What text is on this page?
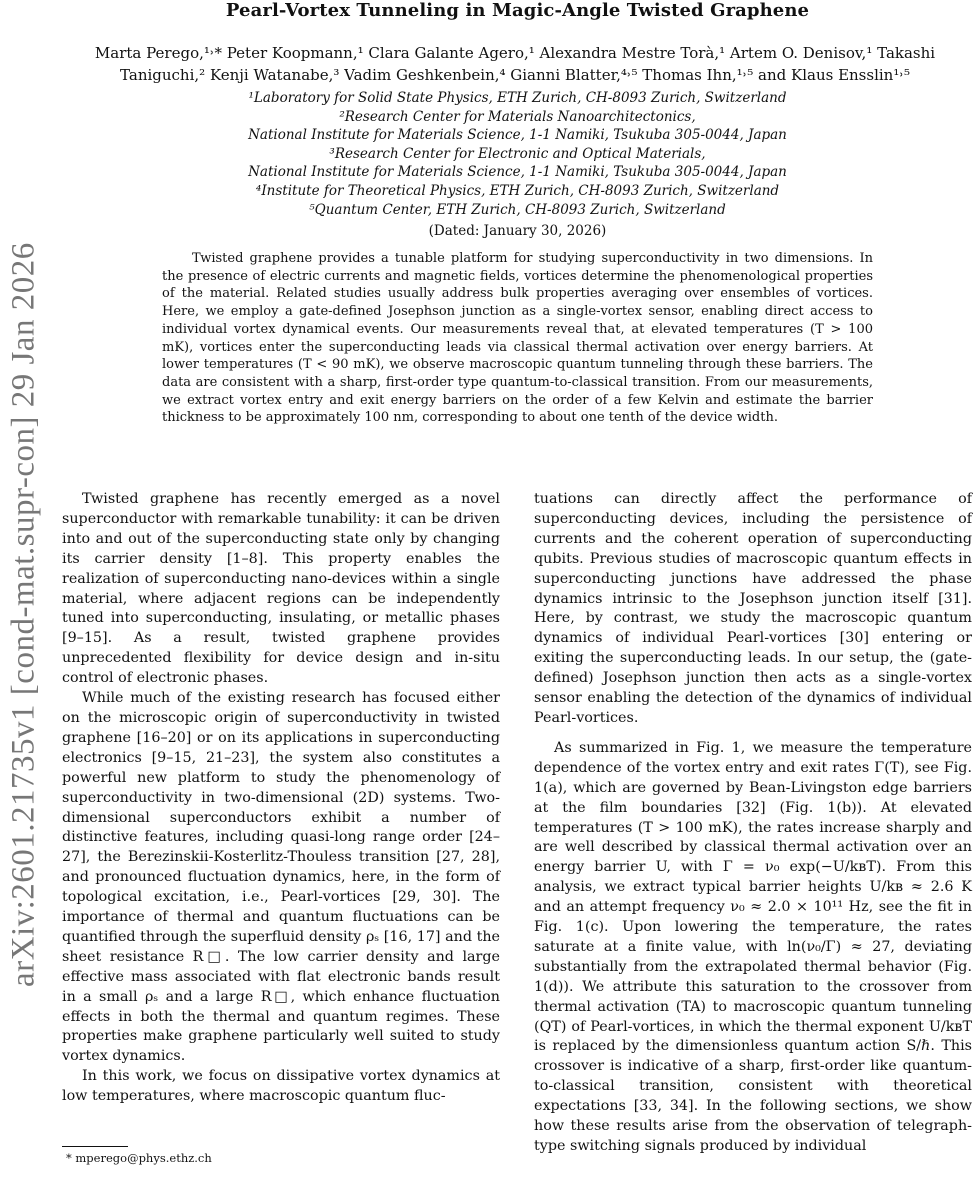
arXiv:2601.21735v1 [cond-mat.supr-con] 29 Jan 2026
Pearl-Vortex Tunneling in Magic-Angle Twisted Graphene
Marta Perego,¹˒* Peter Koopmann,¹ Clara Galante Agero,¹ Alexandra Mestre Torà,¹ Artem O. Denisov,¹ Takashi
Taniguchi,² Kenji Watanabe,³ Vadim Geshkenbein,⁴ Gianni Blatter,⁴˒⁵ Thomas Ihn,¹˒⁵ and Klaus Ensslin¹˒⁵
¹Laboratory for Solid State Physics, ETH Zurich, CH-8093 Zurich, Switzerland
²Research Center for Materials Nanoarchitectonics,
National Institute for Materials Science, 1-1 Namiki, Tsukuba 305-0044, Japan
³Research Center for Electronic and Optical Materials,
National Institute for Materials Science, 1-1 Namiki, Tsukuba 305-0044, Japan
⁴Institute for Theoretical Physics, ETH Zurich, CH-8093 Zurich, Switzerland
⁵Quantum Center, ETH Zurich, CH-8093 Zurich, Switzerland
(Dated: January 30, 2026)

Twisted graphene provides a tunable platform for studying superconductivity in two dimensions. In the presence of electric currents and magnetic fields, vortices determine the phenomenological properties of the material. Related studies usually address bulk properties averaging over ensembles of vortices. Here, we employ a gate-defined Josephson junction as a single-vortex sensor, enabling direct access to individual vortex dynamical events. Our measurements reveal that, at elevated temperatures (T > 100 mK), vortices enter the superconducting leads via classical thermal activation over energy barriers. At lower temperatures (T < 90 mK), we observe macroscopic quantum tunneling through these barriers. The data are consistent with a sharp, first-order type quantum-to-classical transition. From our measurements, we extract vortex entry and exit energy barriers on the order of a few Kelvin and estimate the barrier thickness to be approximately 100 nm, corresponding to about one tenth of the device width.

Twisted graphene has recently emerged as a novel superconductor with remarkable tunability: it can be driven into and out of the superconducting state only by changing its carrier density [1–8]. This property enables the realization of superconducting nano-devices within a single material, where adjacent regions can be independently tuned into superconducting, insulating, or metallic phases [9–15]. As a result, twisted graphene provides unprecedented flexibility for device design and in-situ control of electronic phases.

While much of the existing research has focused either on the microscopic origin of superconductivity in twisted graphene [16–20] or on its applications in superconducting electronics [9–15, 21–23], the system also constitutes a powerful new platform to study the phenomenology of superconductivity in two-dimensional (2D) systems. Two-dimensional superconductors exhibit a number of distinctive features, including quasi-long range order [24–27], the Berezinskii-Kosterlitz-Thouless transition [27, 28], and pronounced fluctuation dynamics, here, in the form of topological excitation, i.e., Pearl-vortices [29, 30]. The importance of thermal and quantum fluctuations can be quantified through the superfluid density ρₛ [16, 17] and the sheet resistance R□. The low carrier density and large effective mass associated with flat electronic bands result in a small ρₛ and a large R□, which enhance fluctuation effects in both the thermal and quantum regimes. These properties make graphene particularly well suited to study vortex dynamics.

In this work, we focus on dissipative vortex dynamics at low temperatures, where macroscopic quantum fluc-

tuations can directly affect the performance of superconducting devices, including the persistence of currents and the coherent operation of superconducting qubits. Previous studies of macroscopic quantum effects in superconducting junctions have addressed the phase dynamics intrinsic to the Josephson junction itself [31]. Here, by contrast, we study the macroscopic quantum dynamics of individual Pearl-vortices [30] entering or exiting the superconducting leads. In our setup, the (gate-defined) Josephson junction then acts as a single-vortex sensor enabling the detection of the dynamics of individual Pearl-vortices.

As summarized in Fig. 1, we measure the temperature dependence of the vortex entry and exit rates Γ(T), see Fig. 1(a), which are governed by Bean-Livingston edge barriers at the film boundaries [32] (Fig. 1(b)). At elevated temperatures (T > 100 mK), the rates increase sharply and are well described by classical thermal activation over an energy barrier U, with Γ = ν₀ exp(−U/kʙT). From this analysis, we extract typical barrier heights U/kʙ ≈ 2.6 K and an attempt frequency ν₀ ≈ 2.0 × 10¹¹ Hz, see the fit in Fig. 1(c). Upon lowering the temperature, the rates saturate at a finite value, with ln(ν₀/Γ) ≈ 27, deviating substantially from the extrapolated thermal behavior (Fig. 1(d)). We attribute this saturation to the crossover from thermal activation (TA) to macroscopic quantum tunneling (QT) of Pearl-vortices, in which the thermal exponent U/kʙT is replaced by the dimensionless quantum action S/ℏ. This crossover is indicative of a sharp, first-order like quantum-to-classical transition, consistent with theoretical expectations [33, 34]. In the following sections, we show how these results arise from the observation of telegraph-type switching signals produced by individual

* mperego@phys.ethz.ch
